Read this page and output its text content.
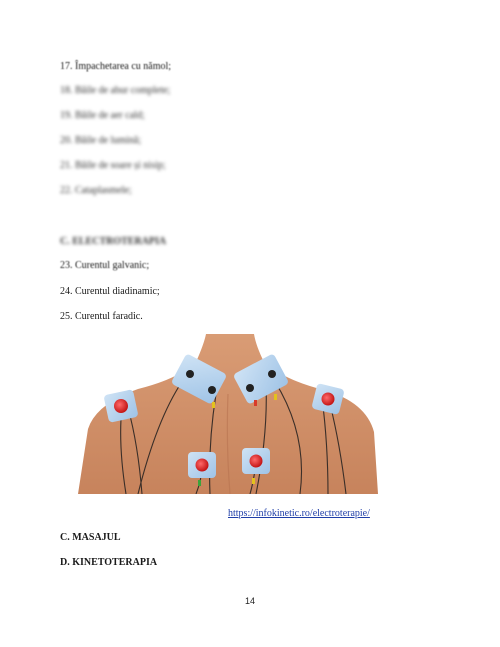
17. Împachetarea cu nămol;
18. Băile de abur complete;
19. Băile de aer cald;
20. Băile de lumină;
21. Băile de soare și nisip;
22. Cataplasmele;
C. ELECTROTERAPIA
23. Curentul galvanic;
24. Curentul diadinamic;
25. Curentul faradic.
https://infokinetic.ro/electroterapie/
C. MASAJUL
D. KINETOTERAPIA
14
